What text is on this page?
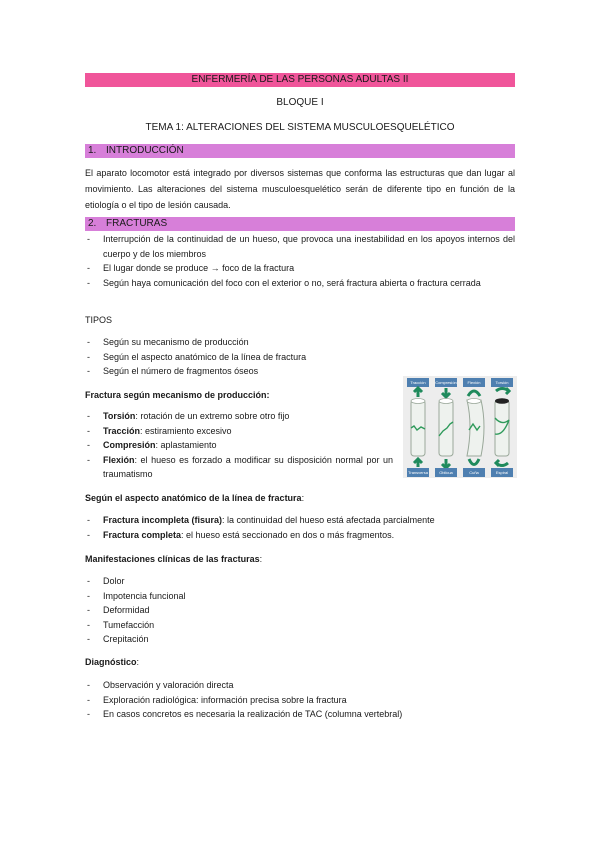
ENFERMERÍA DE LAS PERSONAS ADULTAS II
BLOQUE I
TEMA 1: ALTERACIONES DEL SISTEMA MUSCULOESQUELÉTICO
1. INTRODUCCIÓN
El aparato locomotor está integrado por diversos sistemas que conforma las estructuras que dan lugar al movimiento. Las alteraciones del sistema musculoesquelético serán de diferente tipo en función de la etiología o el tipo de lesión causada.
2. FRACTURAS
- Interrupción de la continuidad de un hueso, que provoca una inestabilidad en los apoyos internos del cuerpo y de los miembros
- El lugar donde se produce → foco de la fractura
- Según haya comunicación del foco con el exterior o no, será fractura abierta o fractura cerrada
TIPOS
- Según su mecanismo de producción
- Según el aspecto anatómico de la línea de fractura
- Según el número de fragmentos óseos
Fractura según mecanismo de producción:
- Torsión: rotación de un extremo sobre otro fijo
- Tracción: estiramiento excesivo
- Compresión: aplastamiento
- Flexión: el hueso es forzado a modificar su disposición normal por un traumatismo
Tracción	Compresión	Flexión	Torsión
Transversa	Oblicua	Cuña	Espiral
Según el aspecto anatómico de la línea de fractura:
- Fractura incompleta (fisura): la continuidad del hueso está afectada parcialmente
- Fractura completa: el hueso está seccionado en dos o más fragmentos.
Manifestaciones clínicas de las fracturas:
- Dolor
- Impotencia funcional
- Deformidad
- Tumefacción
- Crepitación
Diagnóstico:
- Observación y valoración directa
- Exploración radiológica: información precisa sobre la fractura
- En casos concretos es necesaria la realización de TAC (columna vertebral)
